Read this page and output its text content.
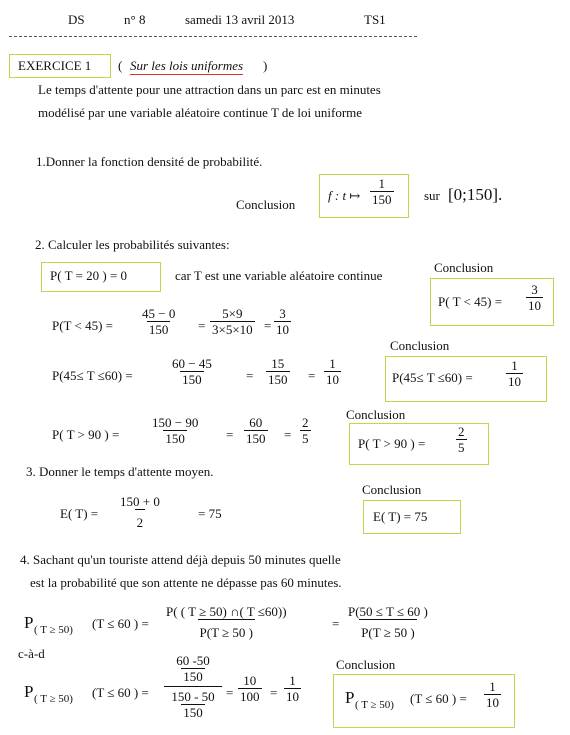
DS	n° 8	samedi 13 avril 2013	TS1
EXERCICE 1 ( Sur les lois uniformes )
Le temps d'attente pour une attraction dans un parc est en minutes
modélisé par une variable aléatoire continue T de loi uniforme
1.Donner la fonction densité de probabilité.
Conclusion
f : t ↦ $\frac{1}{150}$ sur [0;150].
2. Calculer les probabilités suivantes:
P( T = 20 ) = 0	car T est une variable aléatoire continue
Conclusion
P( $T < 45) = \frac{3}{10}$
$P(T < 45) = \frac{45 - 0}{150} = \frac{5\times 9}{3\times 5\times 10} = \frac{3}{10}$
Conclusion
P(45≤ T ≤60) =	$\frac{1}{10}$
P(45≤ T ≤60) =	$\frac{60 - 45}{150} = \frac{15}{150} = \frac{1}{10}$
Conclusion
P( T > 90 ) = $\frac{2}{5}$
P( T > 90 ) = $\frac{150 - 90}{150} = \frac{60}{150} = \frac{2}{5}$
3. Donner le temps d'attente moyen.
Conclusion
E( T) = 75
E( $T) = \frac{150 + 0}{2}$	= 75
4. Sachant qu'un touriste attend déjà depuis 50 minutes quelle
est la probabilité que son attente ne dépasse pas 60 minutes.
P ( T ≥ 50) (T ≤ 60 ) = $\frac{P( ( T \ge 50) \cap( T \le 60))}{P(T \ge 50 )}$	= $\frac{P(50 \le T \le 60 )}{P(T \ge 50 )}$
c-à-d
P ( T ≥ 50) (T ≤ 60 ) =
$\frac{60 -50}{150}$
$\frac{150 - 50}{150} = \frac{10}{100} = \frac{1}{10}$
Conclusion
P ( T ≥ 50) (T ≤ 60 ) = $\frac{1}{10}$
